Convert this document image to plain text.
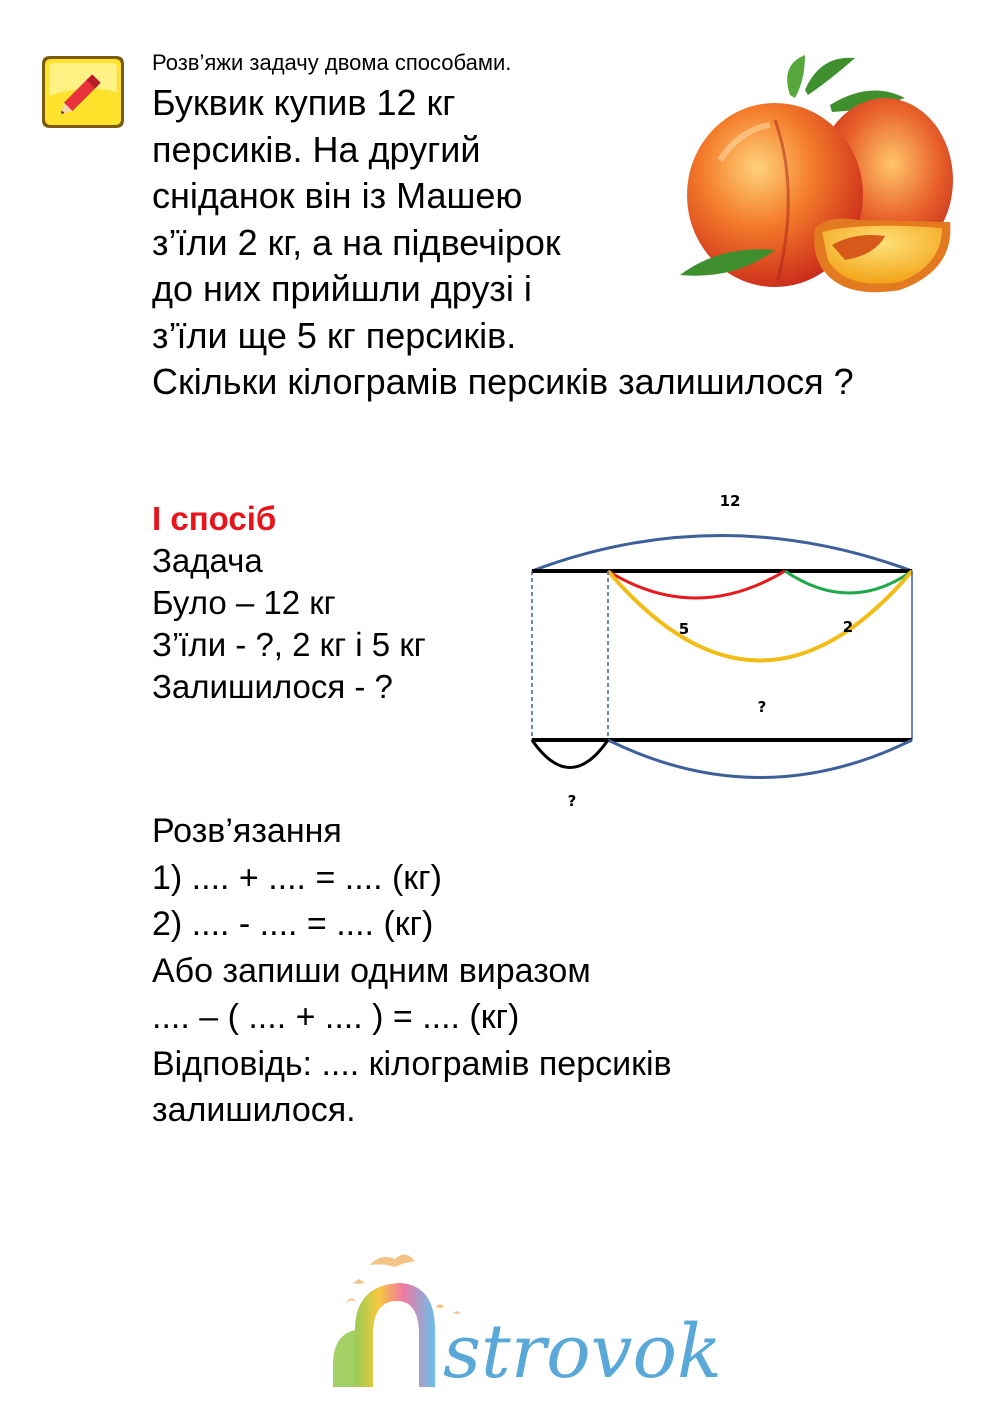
Розв’яжи задачу двома способами.
Буквик купив 12 кг
персиків. На другий
сніданок він із Машею
з’їли 2 кг, а на підвечірок
до них прийшли друзі і
з’їли ще 5 кг персиків.
Скільки кілограмів персиків залишилося ?
І спосіб
Задача
Було – 12 кг
З’їли - ?, 2 кг і 5 кг
Залишилося - ?
12
5	2
?
?
Розв’язання
1) .... + .... = .... (кг)
2) .... - .... = .... (кг)
Або запиши одним виразом
.... – ( .... + .... ) = .... (кг)
Відповідь: .... кілограмів персиків
залишилося.
strovok
